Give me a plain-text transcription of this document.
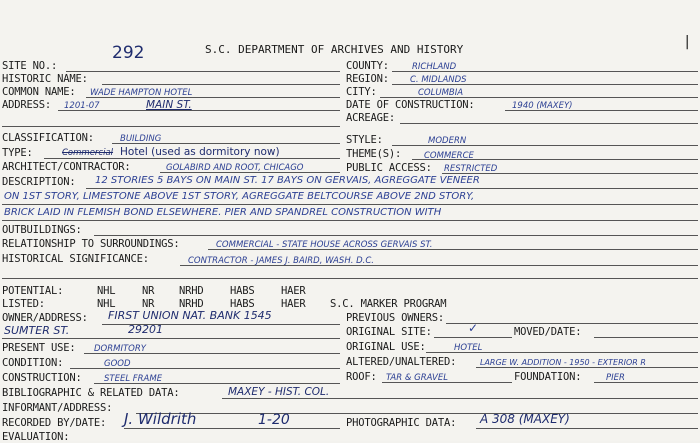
292	S.C. DEPARTMENT OF ARCHIVES AND HISTORY	|
SITE NO.:
HISTORIC NAME:
COMMON NAME: WADE HAMPTON HOTEL
ADDRESS: 1201-07	MAIN ST.
COUNTY:	RICHLAND
REGION: C. MIDLANDS
CITY:	COLUMBIA
DATE OF CONSTRUCTION:	1940 (MAXEY)
ACREAGE:
CLASSIFICATION:	BUILDING
TYPE:	Commercial Hotel (used as dormitory now)
ARCHITECT/CONTRACTOR:	GOLABIRD AND ROOT, CHICAGO
STYLE:	MODERN
THEME(S):	COMMERCE
PUBLIC ACCESS: RESTRICTED
DESCRIPTION: 12 STORIES 5 BAYS ON MAIN ST. 17 BAYS ON GERVAIS, AGREGGATE VENEER
ON 1ST STORY, LIMESTONE ABOVE 1ST STORY, AGREGGATE BELTCOURSE ABOVE 2ND STORY,
BRICK LAID IN FLEMISH BOND ELSEWHERE. PIER AND SPANDREL CONSTRUCTION WITH
OUTBUILDINGS:
RELATIONSHIP TO SURROUNDINGS:	COMMERCIAL - STATE HOUSE ACROSS GERVAIS ST.
HISTORICAL SIGNIFICANCE:	CONTRACTOR - JAMES J. BAIRD, WASH. D.C.
POTENTIAL:
LISTED:
NHL	NR NRHD	HABS	HAER
NHL	NR NRHD	HABS	HAER S.C. MARKER PROGRAM
OWNER/ADDRESS: FIRST UNION NAT. BANK 1545
SUMTER ST.	29201
PREVIOUS OWNERS:
ORIGINAL SITE:	✓	MOVED/DATE:
PRESENT USE: DORMITORY	ORIGINAL USE:	HOTEL
CONDITION:	GOOD	ALTERED/UNALTERED:	LARGE W. ADDITION - 1950 - EXTERIOR R
CONSTRUCTION:	STEEL FRAME	ROOF: TAR & GRAVEL	FOUNDATION:	PIER
BIBLIOGRAPHIC & RELATED DATA:	MAXEY - HIST. COL.
INFORMANT/ADDRESS:
RECORDED BY/DATE: J. Wildrith	1-20	PHOTOGRAPHIC DATA: A 308 (MAXEY)
EVALUATION:
